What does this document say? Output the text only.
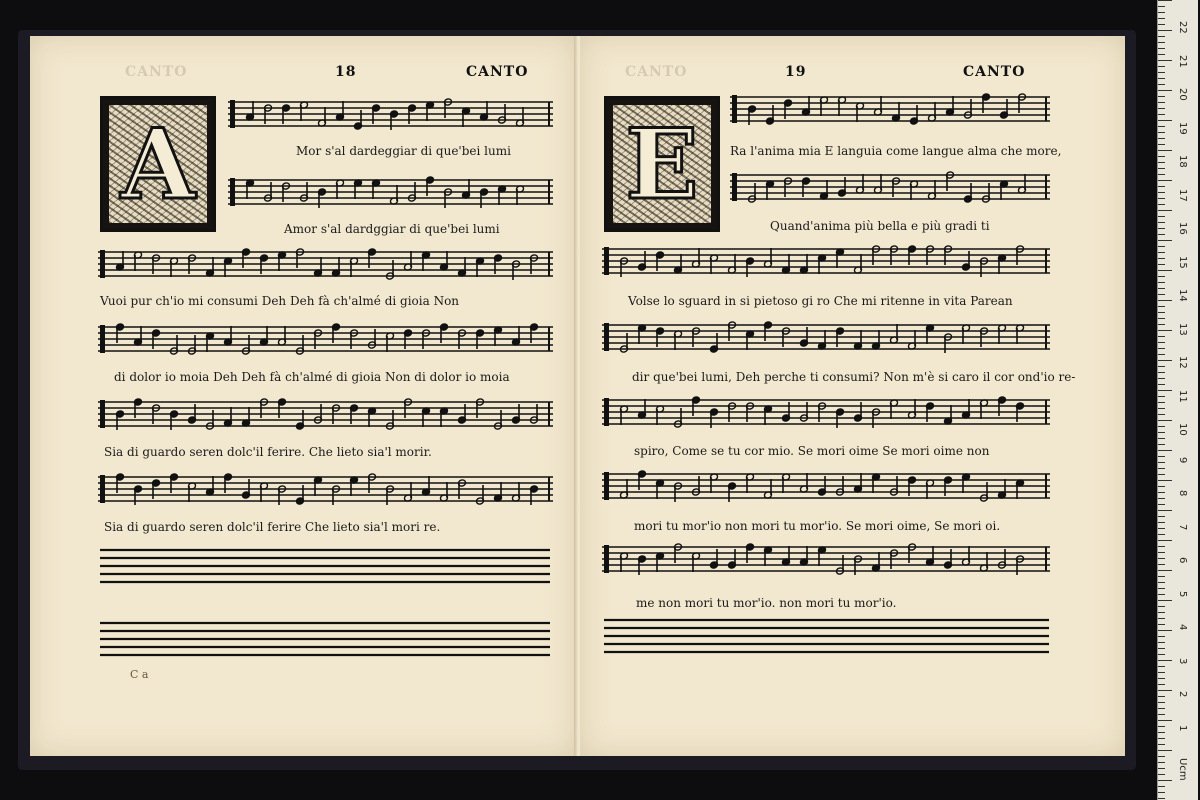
CANTO	18	CANTO
A	Mor s'al dardeggiar di que'bei lumi
Amor s'al dardggiar di que'bei lumi
Vuoi pur ch'io mi consumi Deh Deh fà ch'almé di gioia Non
di dolor io moia Deh Deh fà ch'almé di gioia Non di dolor io moia
Sia di guardo seren dolc'il ferire. Che lieto sia'l morir.
Sia di guardo seren dolc'il ferire Che lieto sia'l mori re.
C a
CANTO	19	CANTO
E	Ra l'anima mia E languia come langue alma che more,
Quand'anima più bella e più gradi ti
Volse lo sguard in si pietoso gi ro Che mi ritenne in vita Parean
dir que'bei lumi, Deh perche ti consumi? Non m'è si caro il cor ond'io re-
spiro, Come se tu cor mio. Se mori oime Se mori oime non
mori tu mor'io non mori tu mor'io. Se mori oime, Se mori oi.
me non mori tu mor'io. non mori tu mor'io.
Ucm
1
2
3
4
5
6
7
8
9
10
11
12
13
14
15
16
17
18
19
20
21
22
